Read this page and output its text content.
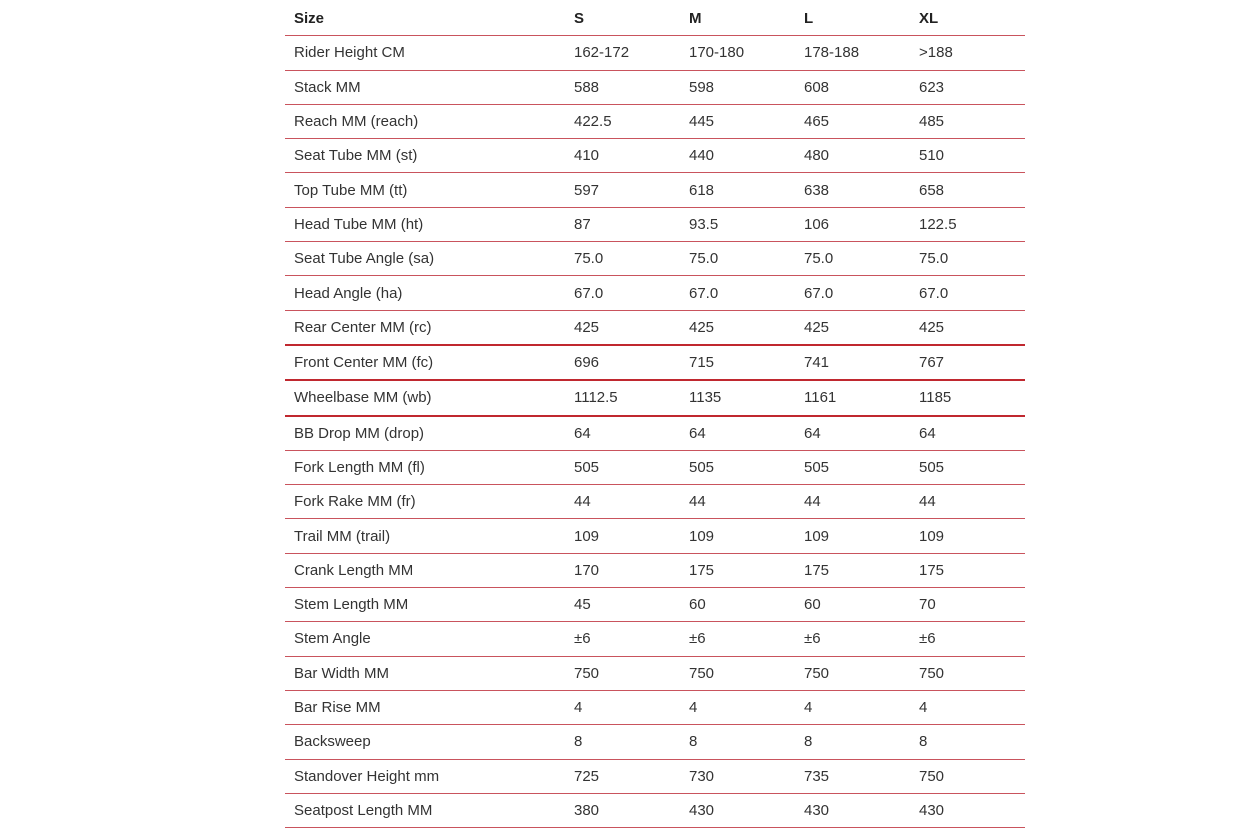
Size	S	M	L	XL
Rider Height CM	162-172	170-180	178-188	>188
Stack MM	588	598	608	623
Reach MM (reach)	422.5	445	465	485
Seat Tube MM (st)	410	440	480	510
Top Tube MM (tt)	597	618	638	658
Head Tube MM (ht)	87	93.5	106	122.5
Seat Tube Angle (sa)	75.0	75.0	75.0	75.0
Head Angle (ha)	67.0	67.0	67.0	67.0
Rear Center MM (rc)	425	425	425	425
Front Center MM (fc)	696	715	741	767
Wheelbase MM (wb)	1112.5	1135	1161	1185
BB Drop MM (drop)	64	64	64	64
Fork Length MM (fl)	505	505	505	505
Fork Rake MM (fr)	44	44	44	44
Trail MM (trail)	109	109	109	109
Crank Length MM	170	175	175	175
Stem Length MM	45	60	60	70
Stem Angle	±6	±6	±6	±6
Bar Width MM	750	750	750	750
Bar Rise MM	4	4	4	4
Backsweep	8	8	8	8
Standover Height mm	725	730	735	750
Seatpost Length MM	380	430	430	430
